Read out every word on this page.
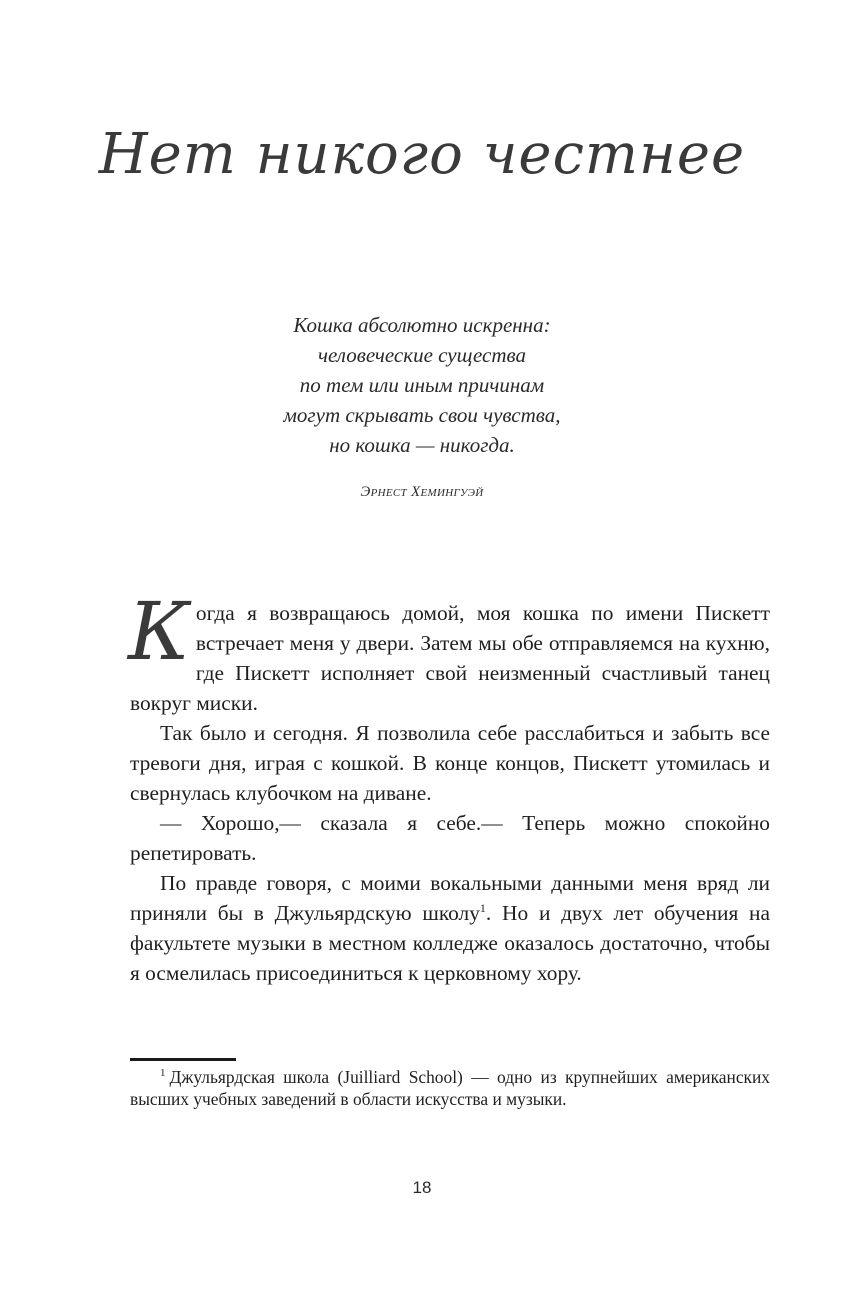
Нет никого честнее
Кошка абсолютно искренна:
человеческие существа
по тем или иным причинам
могут скрывать свои чувства,
но кошка — никогда.
Эрнест Хемингуэй

Когда я возвращаюсь домой, моя кошка по имени Пискетт встречает меня у двери. Затем мы обе отправляемся на кухню, где Пискетт исполняет свой неизменный счастливый танец вокруг миски.

Так было и сегодня. Я позволила себе расслабиться и забыть все тревоги дня, играя с кошкой. В конце концов, Пискетт утомилась и свернулась клубочком на диване.

— Хорошо,— сказала я себе.— Теперь можно спокойно репетировать.

По правде говоря, с моими вокальными данными меня вряд ли приняли бы в Джульярдскую школу$^1$. Но и двух лет обучения на факультете музыки в местном колледже оказалось достаточно, чтобы я осмелилась присоединиться к церковному хору.

$^1$ Джульярдская школа (Juilliard School) — одно из крупнейших американских высших учебных заведений в области искусства и музыки.

18
